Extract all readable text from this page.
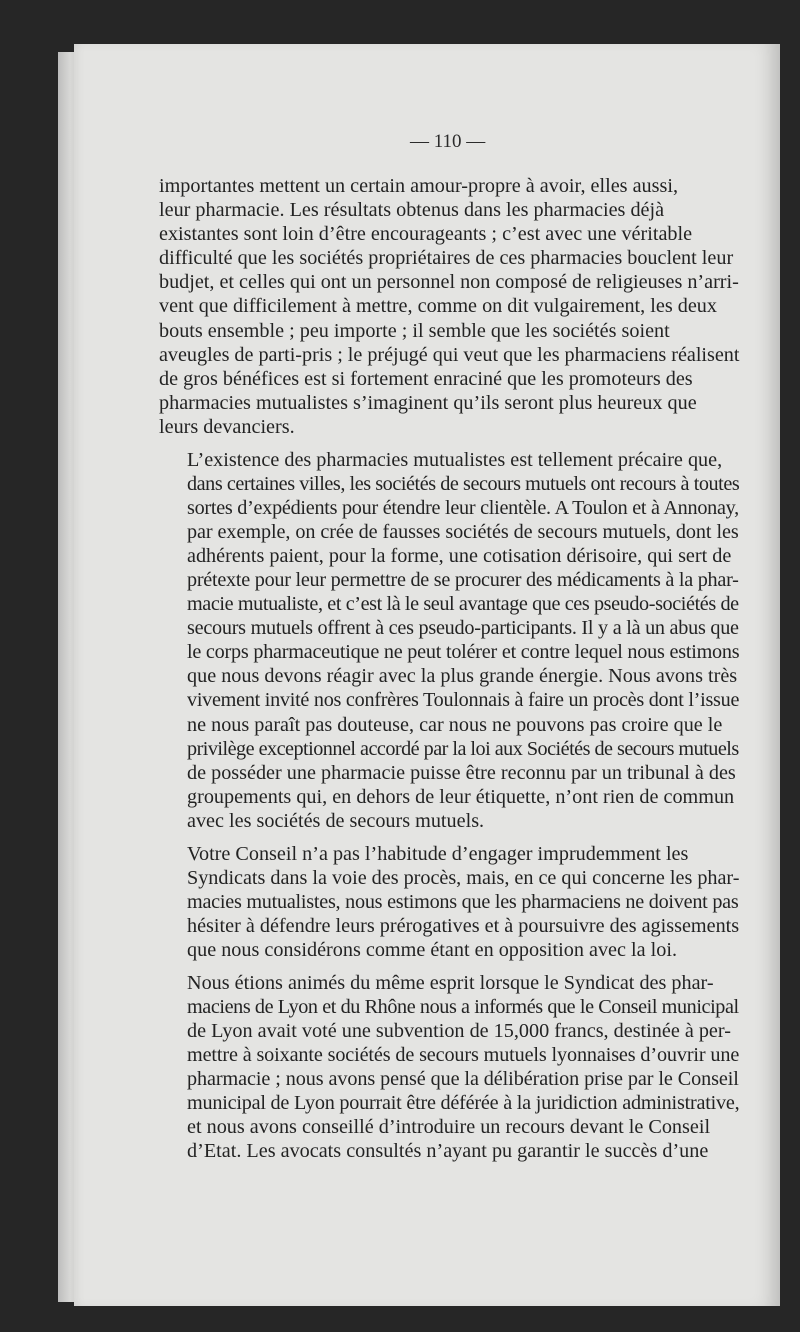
— 110 —

importantes mettent un certain amour-propre à avoir, elles aussi,
leur pharmacie. Les résultats obtenus dans les pharmacies déjà
existantes sont loin d’être encourageants ; c’est avec une véritable
difficulté que les sociétés propriétaires de ces pharmacies bouclent leur
budjet, et celles qui ont un personnel non composé de religieuses n’arri-
vent que difficilement à mettre, comme on dit vulgairement, les deux
bouts ensemble ; peu importe ; il semble que les sociétés soient
aveugles de parti-pris ; le préjugé qui veut que les pharmaciens réalisent
de gros bénéfices est si fortement enraciné que les promoteurs des
pharmacies mutualistes s’imaginent qu’ils seront plus heureux que
leurs devanciers.

L’existence des pharmacies mutualistes est tellement précaire que,
dans certaines villes, les sociétés de secours mutuels ont recours à toutes
sortes d’expédients pour étendre leur clientèle. A Toulon et à Annonay,
par exemple, on crée de fausses sociétés de secours mutuels, dont les
adhérents paient, pour la forme, une cotisation dérisoire, qui sert de
prétexte pour leur permettre de se procurer des médicaments à la phar-
macie mutualiste, et c’est là le seul avantage que ces pseudo-sociétés de
secours mutuels offrent à ces pseudo-participants. Il y a là un abus que
le corps pharmaceutique ne peut tolérer et contre lequel nous estimons
que nous devons réagir avec la plus grande énergie. Nous avons très
vivement invité nos confrères Toulonnais à faire un procès dont l’issue
ne nous paraît pas douteuse, car nous ne pouvons pas croire que le
privilège exceptionnel accordé par la loi aux Sociétés de secours mutuels
de posséder une pharmacie puisse être reconnu par un tribunal à des
groupements qui, en dehors de leur étiquette, n’ont rien de commun
avec les sociétés de secours mutuels.

Votre Conseil n’a pas l’habitude d’engager imprudemment les
Syndicats dans la voie des procès, mais, en ce qui concerne les phar-
macies mutualistes, nous estimons que les pharmaciens ne doivent pas
hésiter à défendre leurs prérogatives et à poursuivre des agissements
que nous considérons comme étant en opposition avec la loi.

Nous étions animés du même esprit lorsque le Syndicat des phar-
maciens de Lyon et du Rhône nous a informés que le Conseil municipal
de Lyon avait voté une subvention de 15,000 francs, destinée à per-
mettre à soixante sociétés de secours mutuels lyonnaises d’ouvrir une
pharmacie ; nous avons pensé que la délibération prise par le Conseil
municipal de Lyon pourrait être déférée à la juridiction administrative,
et nous avons conseillé d’introduire un recours devant le Conseil
d’Etat. Les avocats consultés n’ayant pu garantir le succès d’une
